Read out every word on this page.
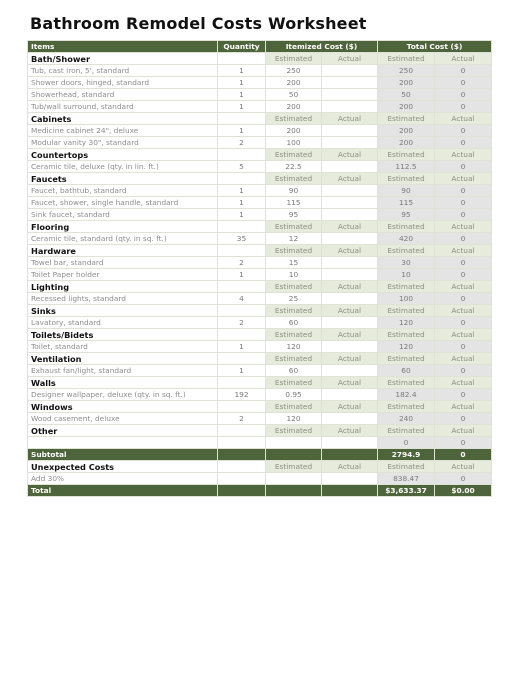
Bathroom Remodel Costs Worksheet
Items	Quantity	Itemized Cost ($)		Total Cost ($)	
Bath/Shower		Estimated	Actual	Estimated	Actual
Tub, cast iron, 5', standard	1	250		250	0
Shower doors, hinged, standard	1	200		200	0
Showerhead, standard	1	50		50	0
Tub/wall surround, standard	1	200		200	0
Cabinets		Estimated	Actual	Estimated	Actual
Medicine cabinet 24", deluxe	1	200		200	0
Modular vanity 30", standard	2	100		200	0
Countertops		Estimated	Actual	Estimated	Actual
Ceramic tile, deluxe (qty. in lin. ft.)	5	22.5		112.5	0
Faucets		Estimated	Actual	Estimated	Actual
Faucet, bathtub, standard	1	90		90	0
Faucet, shower, single handle, standard	1	115		115	0
Sink faucet, standard	1	95		95	0
Flooring		Estimated	Actual	Estimated	Actual
Ceramic tile, standard (qty. in sq. ft.)	35	12		420	0
Hardware		Estimated	Actual	Estimated	Actual
Towel bar, standard	2	15		30	0
Toilet Paper holder	1	10		10	0
Lighting		Estimated	Actual	Estimated	Actual
Recessed lights, standard	4	25		100	0
Sinks		Estimated	Actual	Estimated	Actual
Lavatory, standard	2	60		120	0
Toilets/Bidets		Estimated	Actual	Estimated	Actual
Toilet, standard	1	120		120	0
Ventilation		Estimated	Actual	Estimated	Actual
Exhaust fan/light, standard	1	60		60	0
Walls		Estimated	Actual	Estimated	Actual
Designer wallpaper, deluxe (qty. in sq. ft.)	192	0.95		182.4	0
Windows		Estimated	Actual	Estimated	Actual
Wood casement, deluxe	2	120		240	0
Other		Estimated	Actual	Estimated	Actual
				0	0
Subtotal				2794.9	0
Unexpected Costs		Estimated	Actual	Estimated	Actual
Add 30%				838.47	0
Total				$3,633.37	$0.00
